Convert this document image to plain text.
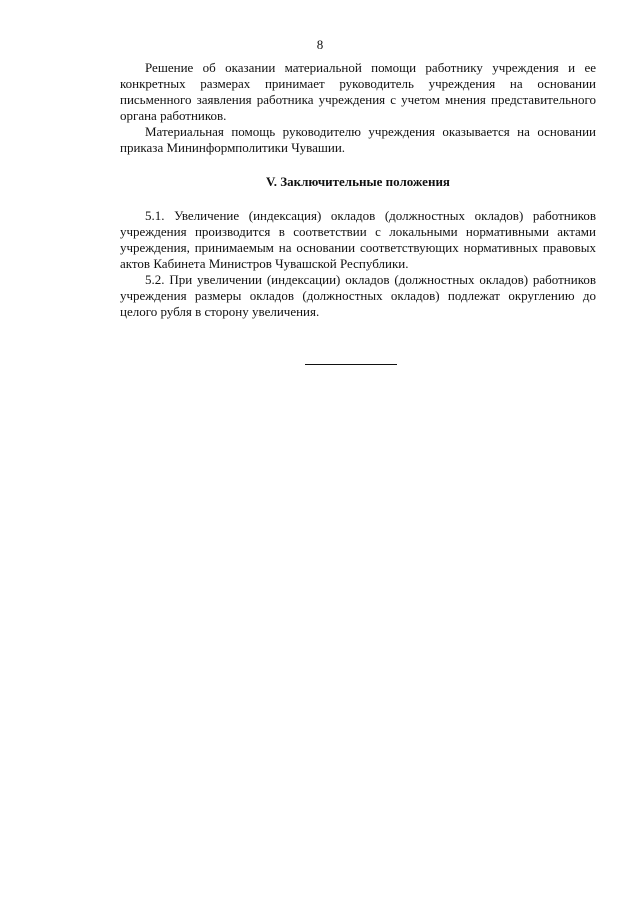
8

Решение об оказании материальной помощи работнику учреждения и ее конкретных размерах принимает руководитель учреждения на основании письменного заявления работника учреждения с учетом мнения представительного органа работников.

Материальная помощь руководителю учреждения оказывается на основании приказа Mининформполитики Чувашии.

V. Заключительные положения

5.1. Увеличение (индексация) окладов (должностных окладов) работников учреждения производится в соответствии с локальными нормативными актами учреждения, принимаемым на основании соответствующих нормативных правовых актов Кабинета Министров Чувашской Республики.

5.2. При увеличении (индексации) окладов (должностных окладов) работников учреждения размеры окладов (должностных окладов) подлежат округлению до целого рубля в сторону увеличения.
